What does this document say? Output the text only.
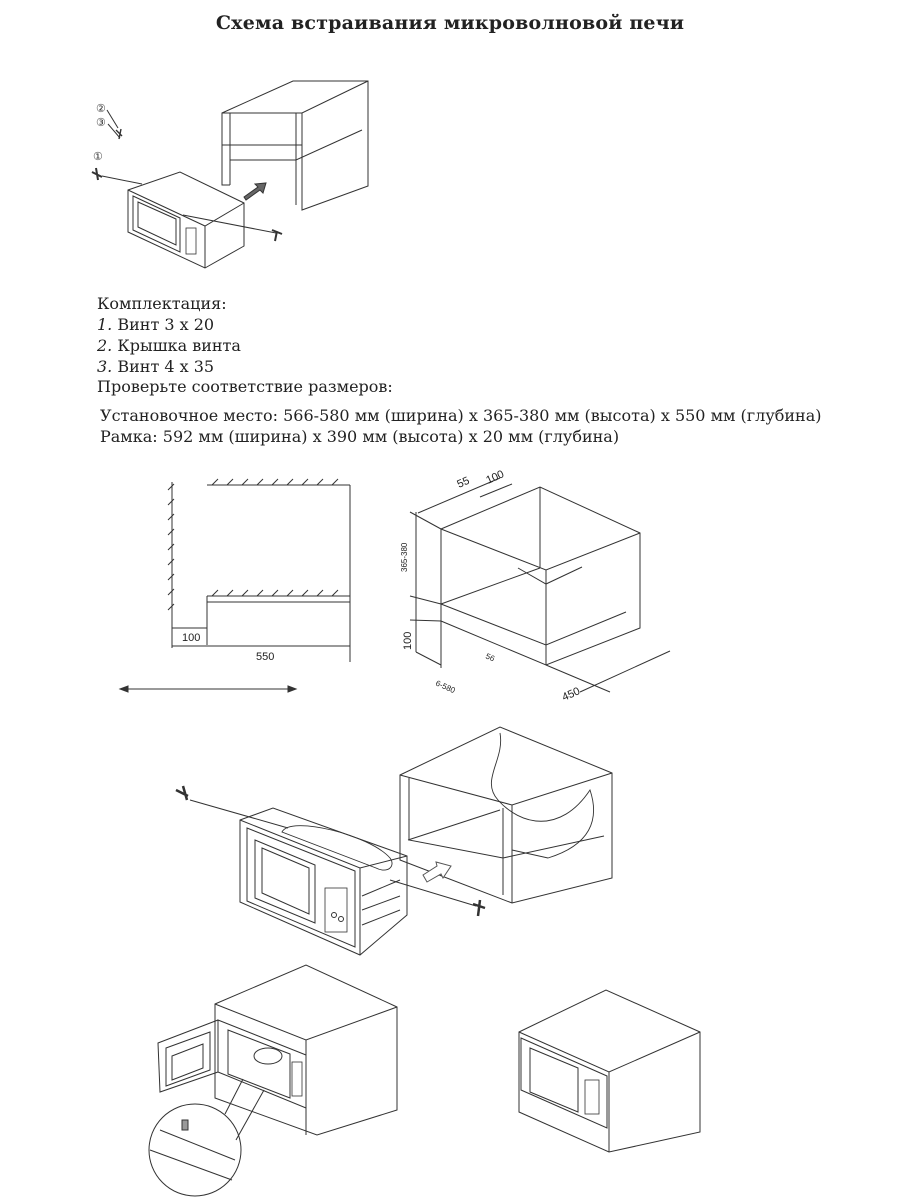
Схема встраивания микроволновой печи
Комплектация:
1. Винт 3 х 20
2. Крышка винта
3. Винт 4 х 35
Проверьте соответствие размеров:
Установочное место: 566-580 мм (ширина) х 365-380 мм (высота) х 550 мм (глубина)
Рамка: 592 мм (ширина) х 390 мм (высота) х 20 мм (глубина)
②
③
①
100
550
55 100
365-380
100
56
6-580	450
